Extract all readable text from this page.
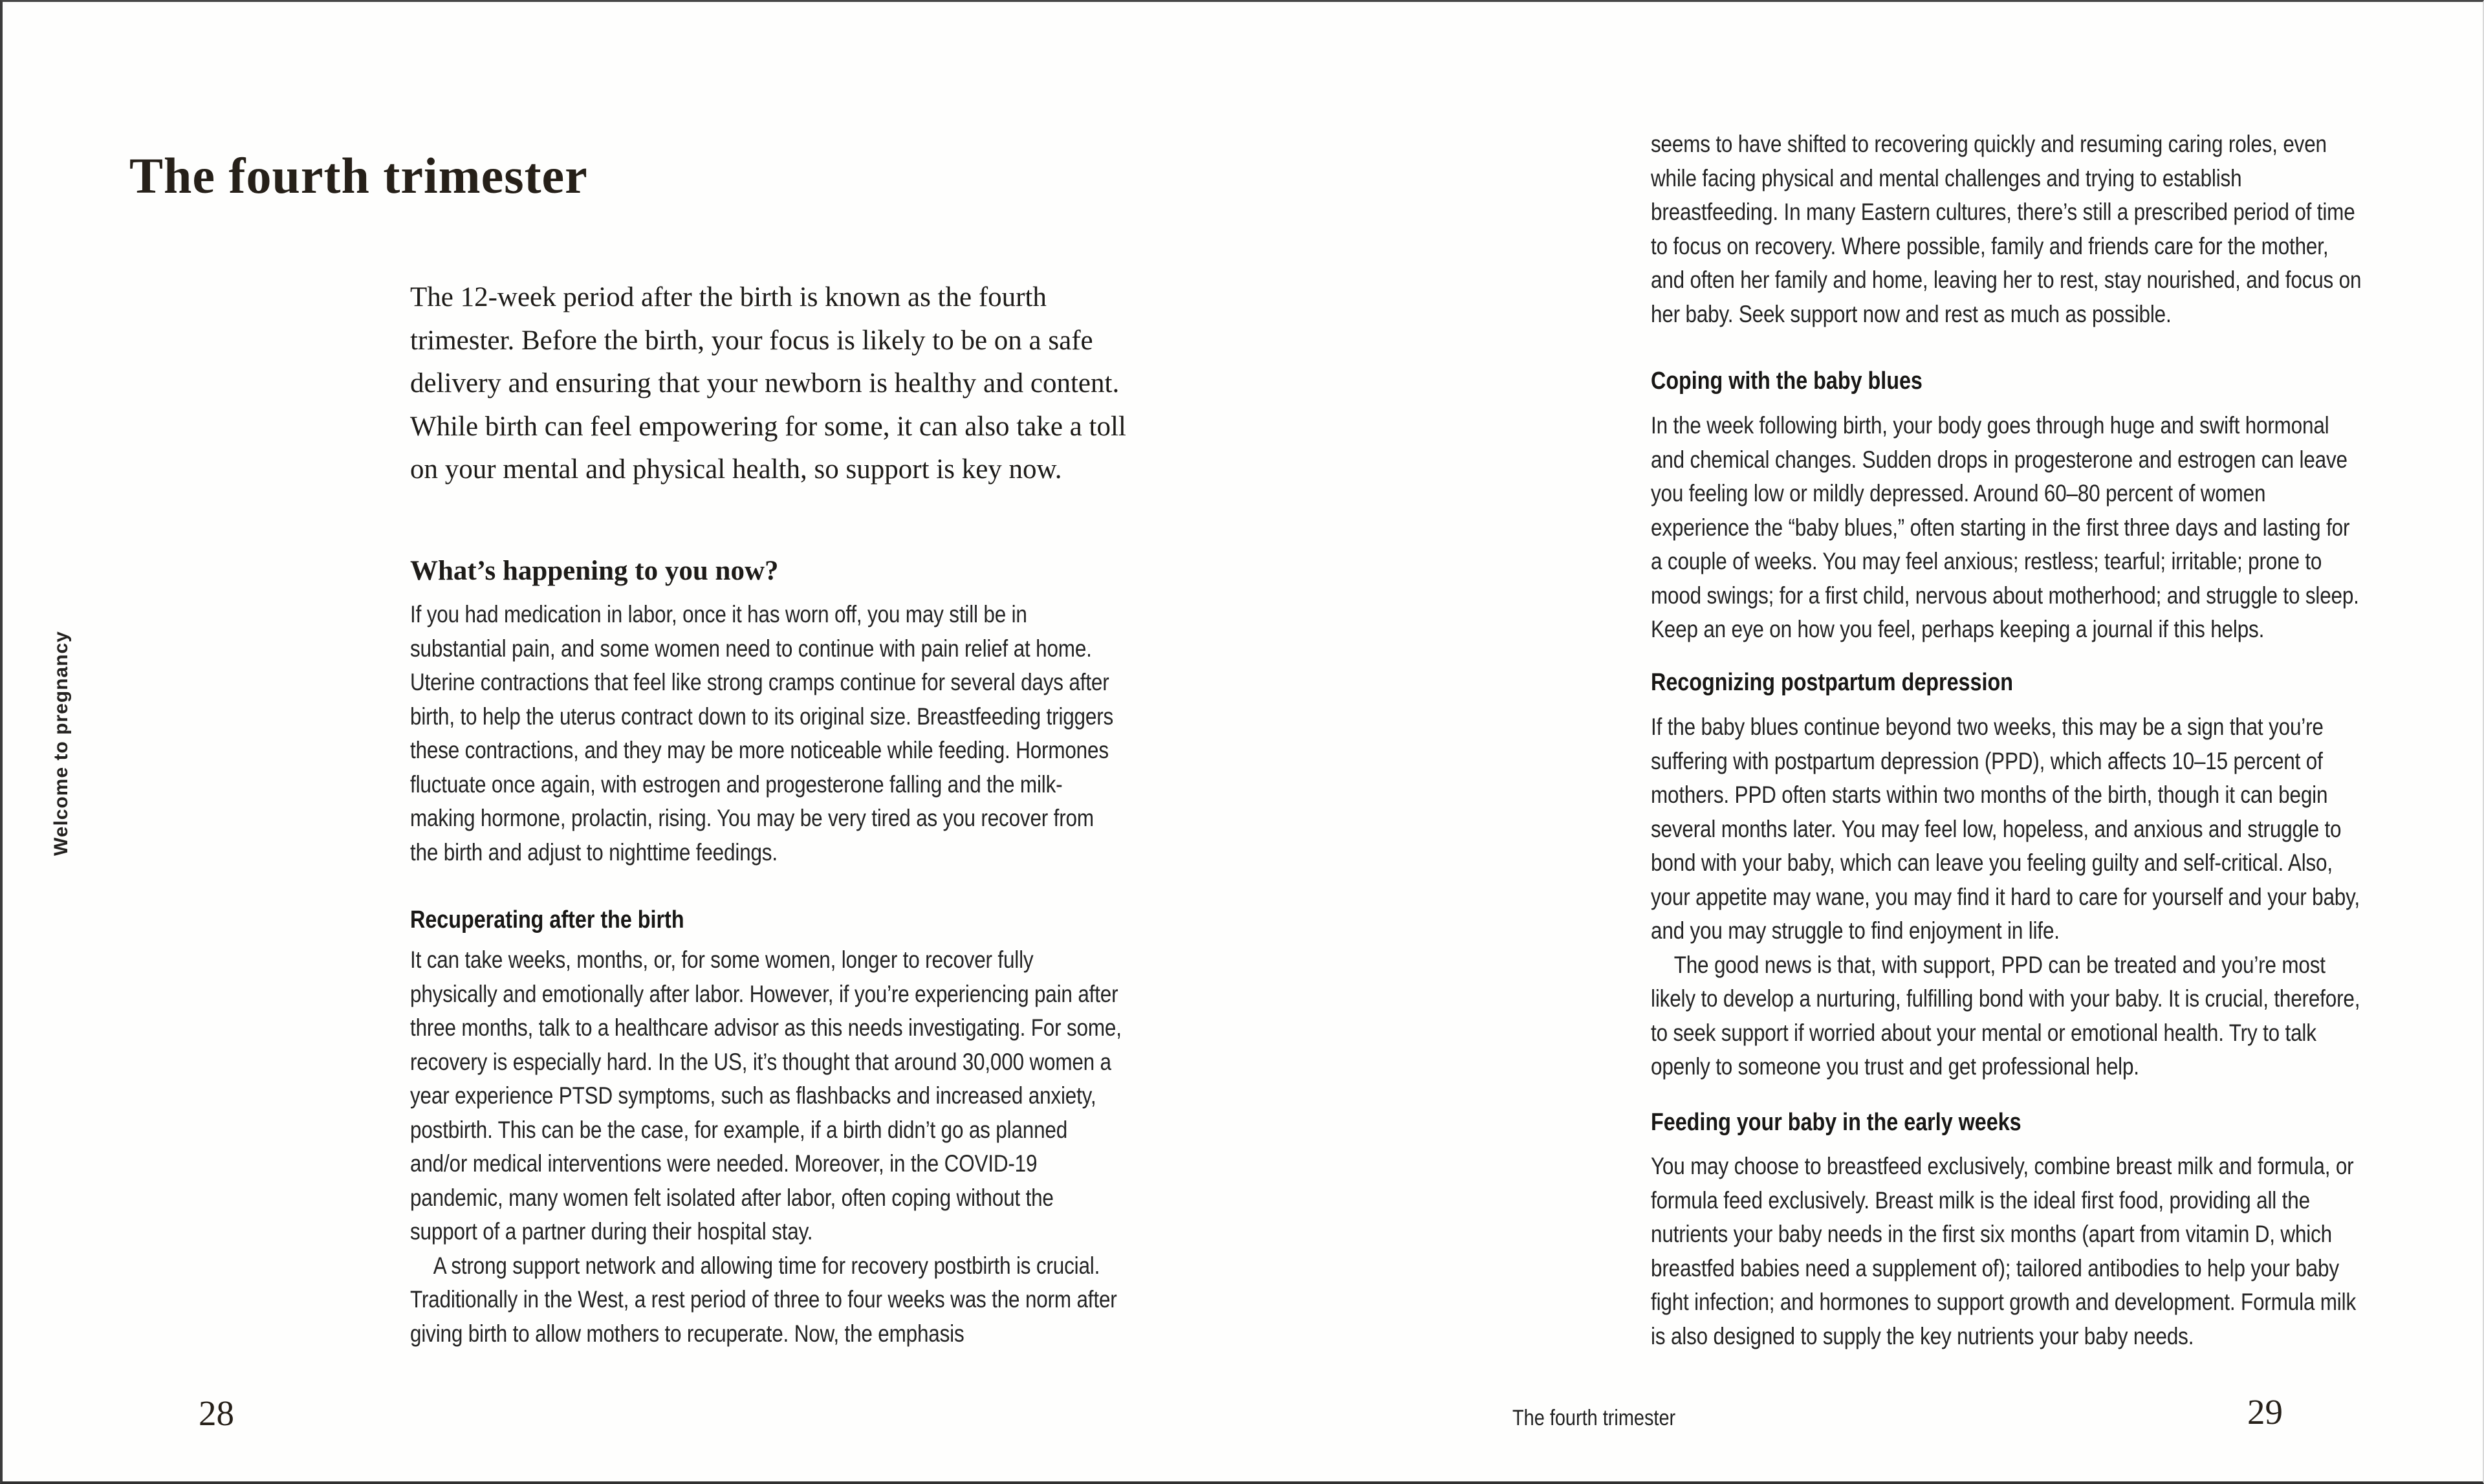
The fourth trimester

The 12-week period after the birth is known as the fourth trimester. Before the birth, your focus is likely to be on a safe delivery and ensuring that your newborn is healthy and content. While birth can feel empowering for some, it can also take a toll on your mental and physical health, so support is key now.

What’s happening to you now?

If you had medication in labor, once it has worn off, you may still be in substantial pain, and some women need to continue with pain relief at home. Uterine contractions that feel like strong cramps continue for several days after birth, to help the uterus contract down to its original size. Breastfeeding triggers these contractions, and they may be more noticeable while feeding. Hormones fluctuate once again, with estrogen and progesterone falling and the milk-making hormone, prolactin, rising. You may be very tired as you recover from the birth and adjust to nighttime feedings.

Recuperating after the birth

It can take weeks, months, or, for some women, longer to recover fully physically and emotionally after labor. However, if you’re experiencing pain after three months, talk to a healthcare advisor as this needs investigating. For some, recovery is especially hard. In the US, it’s thought that around 30,000 women a year experience PTSD symptoms, such as flashbacks and increased anxiety, postbirth. This can be the case, for example, if a birth didn’t go as planned and/or medical interventions were needed. Moreover, in the COVID-19 pandemic, many women felt isolated after labor, often coping without the support of a partner during their hospital stay.

A strong support network and allowing time for recovery postbirth is crucial. Traditionally in the West, a rest period of three to four weeks was the norm after giving birth to allow mothers to recuperate. Now, the emphasis

Welcome to pregnancy
28

seems to have shifted to recovering quickly and resuming caring roles, even while facing physical and mental challenges and trying to establish breastfeeding. In many Eastern cultures, there’s still a prescribed period of time to focus on recovery. Where possible, family and friends care for the mother, and often her family and home, leaving her to rest, stay nourished, and focus on her baby. Seek support now and rest as much as possible.

Coping with the baby blues

In the week following birth, your body goes through huge and swift hormonal and chemical changes. Sudden drops in progesterone and estrogen can leave you feeling low or mildly depressed. Around 60–80 percent of women experience the “baby blues,” often starting in the first three days and lasting for a couple of weeks. You may feel anxious; restless; tearful; irritable; prone to mood swings; for a first child, nervous about motherhood; and struggle to sleep. Keep an eye on how you feel, perhaps keeping a journal if this helps.

Recognizing postpartum depression

If the baby blues continue beyond two weeks, this may be a sign that you’re suffering with postpartum depression (PPD), which affects 10–15 percent of mothers. PPD often starts within two months of the birth, though it can begin several months later. You may feel low, hopeless, and anxious and struggle to bond with your baby, which can leave you feeling guilty and self-critical. Also, your appetite may wane, you may find it hard to care for yourself and your baby, and you may struggle to find enjoyment in life.

The good news is that, with support, PPD can be treated and you’re most likely to develop a nurturing, fulfilling bond with your baby. It is crucial, therefore, to seek support if worried about your mental or emotional health. Try to talk openly to someone you trust and get professional help.

Feeding your baby in the early weeks

You may choose to breastfeed exclusively, combine breast milk and formula, or formula feed exclusively. Breast milk is the ideal first food, providing all the nutrients your baby needs in the first six months (apart from vitamin D, which breastfed babies need a supplement of); tailored antibodies to help your baby fight infection; and hormones to support growth and development. Formula milk is also designed to supply the key nutrients your baby needs.

The fourth trimester	29
